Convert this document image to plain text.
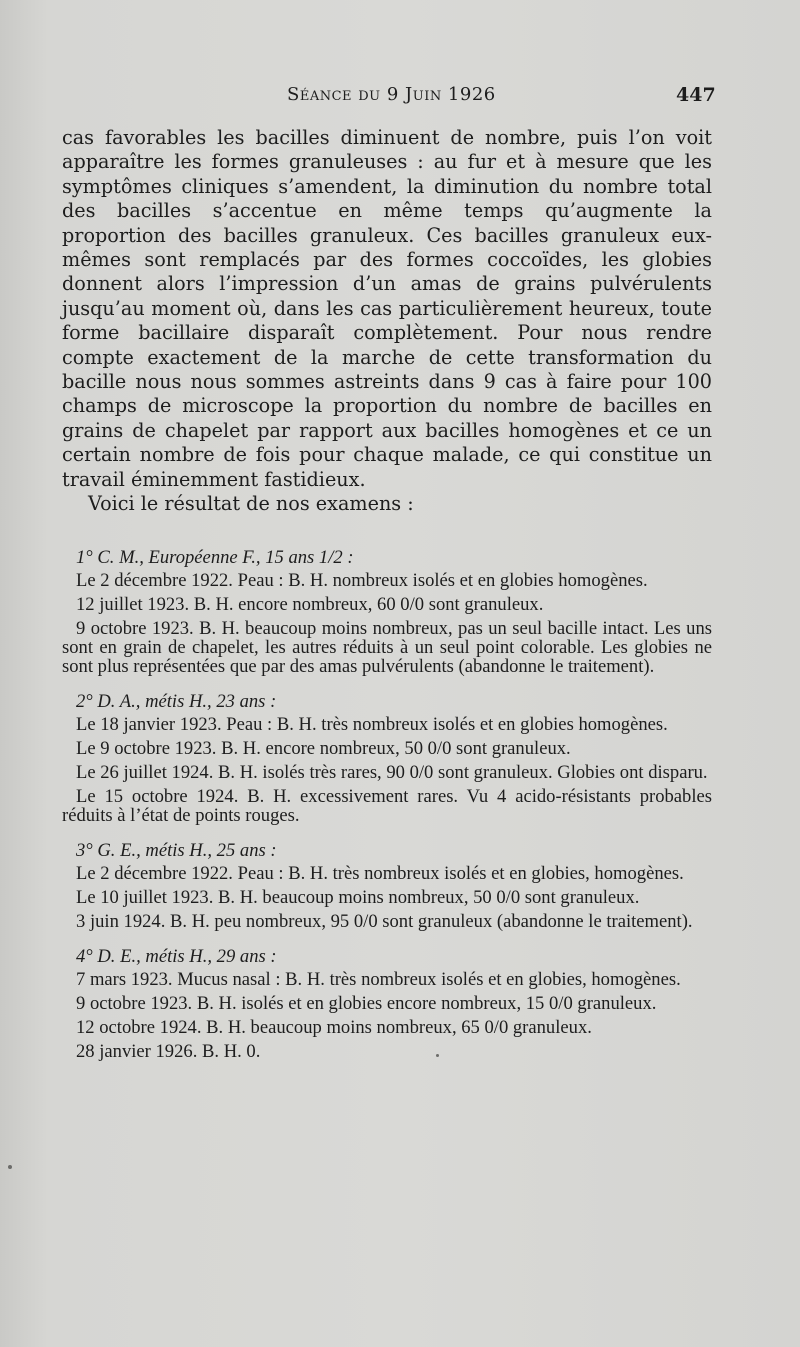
Séance du 9 Juin 1926	447

cas favorables les bacilles diminuent de nombre, puis l’on voit apparaître les formes granuleuses : au fur et à mesure que les symptômes cliniques s’amendent, la diminution du nombre total des bacilles s’accentue en même temps qu’augmente la proportion des bacilles granuleux. Ces bacilles granuleux eux-mêmes sont remplacés par des formes coccoïdes, les globies donnent alors l’impression d’un amas de grains pulvérulents jusqu’au moment où, dans les cas particulièrement heureux, toute forme bacillaire disparaît complètement. Pour nous rendre compte exactement de la marche de cette transformation du bacille nous nous sommes astreints dans 9 cas à faire pour 100 champs de microscope la proportion du nombre de bacilles en grains de chapelet par rapport aux bacilles homogènes et ce un certain nombre de fois pour chaque malade, ce qui constitue un travail éminemment fastidieux.

Voici le résultat de nos examens :

1° C. M., Européenne F., 15 ans 1/2 :

Le 2 décembre 1922. Peau : B. H. nombreux isolés et en globies homogènes.

12 juillet 1923. B. H. encore nombreux, 60 0/0 sont granuleux.

9 octobre 1923. B. H. beaucoup moins nombreux, pas un seul bacille intact. Les uns sont en grain de chapelet, les autres réduits à un seul point colorable. Les globies ne sont plus représentées que par des amas pulvérulents (abandonne le traitement).

2° D. A., métis H., 23 ans :

Le 18 janvier 1923. Peau : B. H. très nombreux isolés et en globies homogènes.

Le 9 octobre 1923. B. H. encore nombreux, 50 0/0 sont granuleux.

Le 26 juillet 1924. B. H. isolés très rares, 90 0/0 sont granuleux. Globies ont disparu.

Le 15 octobre 1924. B. H. excessivement rares. Vu 4 acido-résistants probables réduits à l’état de points rouges.

3° G. E., métis H., 25 ans :

Le 2 décembre 1922. Peau : B. H. très nombreux isolés et en globies, homogènes.

Le 10 juillet 1923. B. H. beaucoup moins nombreux, 50 0/0 sont granuleux.

3 juin 1924. B. H. peu nombreux, 95 0/0 sont granuleux (abandonne le traitement).

4° D. E., métis H., 29 ans :

7 mars 1923. Mucus nasal : B. H. très nombreux isolés et en globies, homogènes.

9 octobre 1923. B. H. isolés et en globies encore nombreux, 15 0/0 granuleux.

12 octobre 1924. B. H. beaucoup moins nombreux, 65 0/0 granuleux.

28 janvier 1926. B. H. 0.
